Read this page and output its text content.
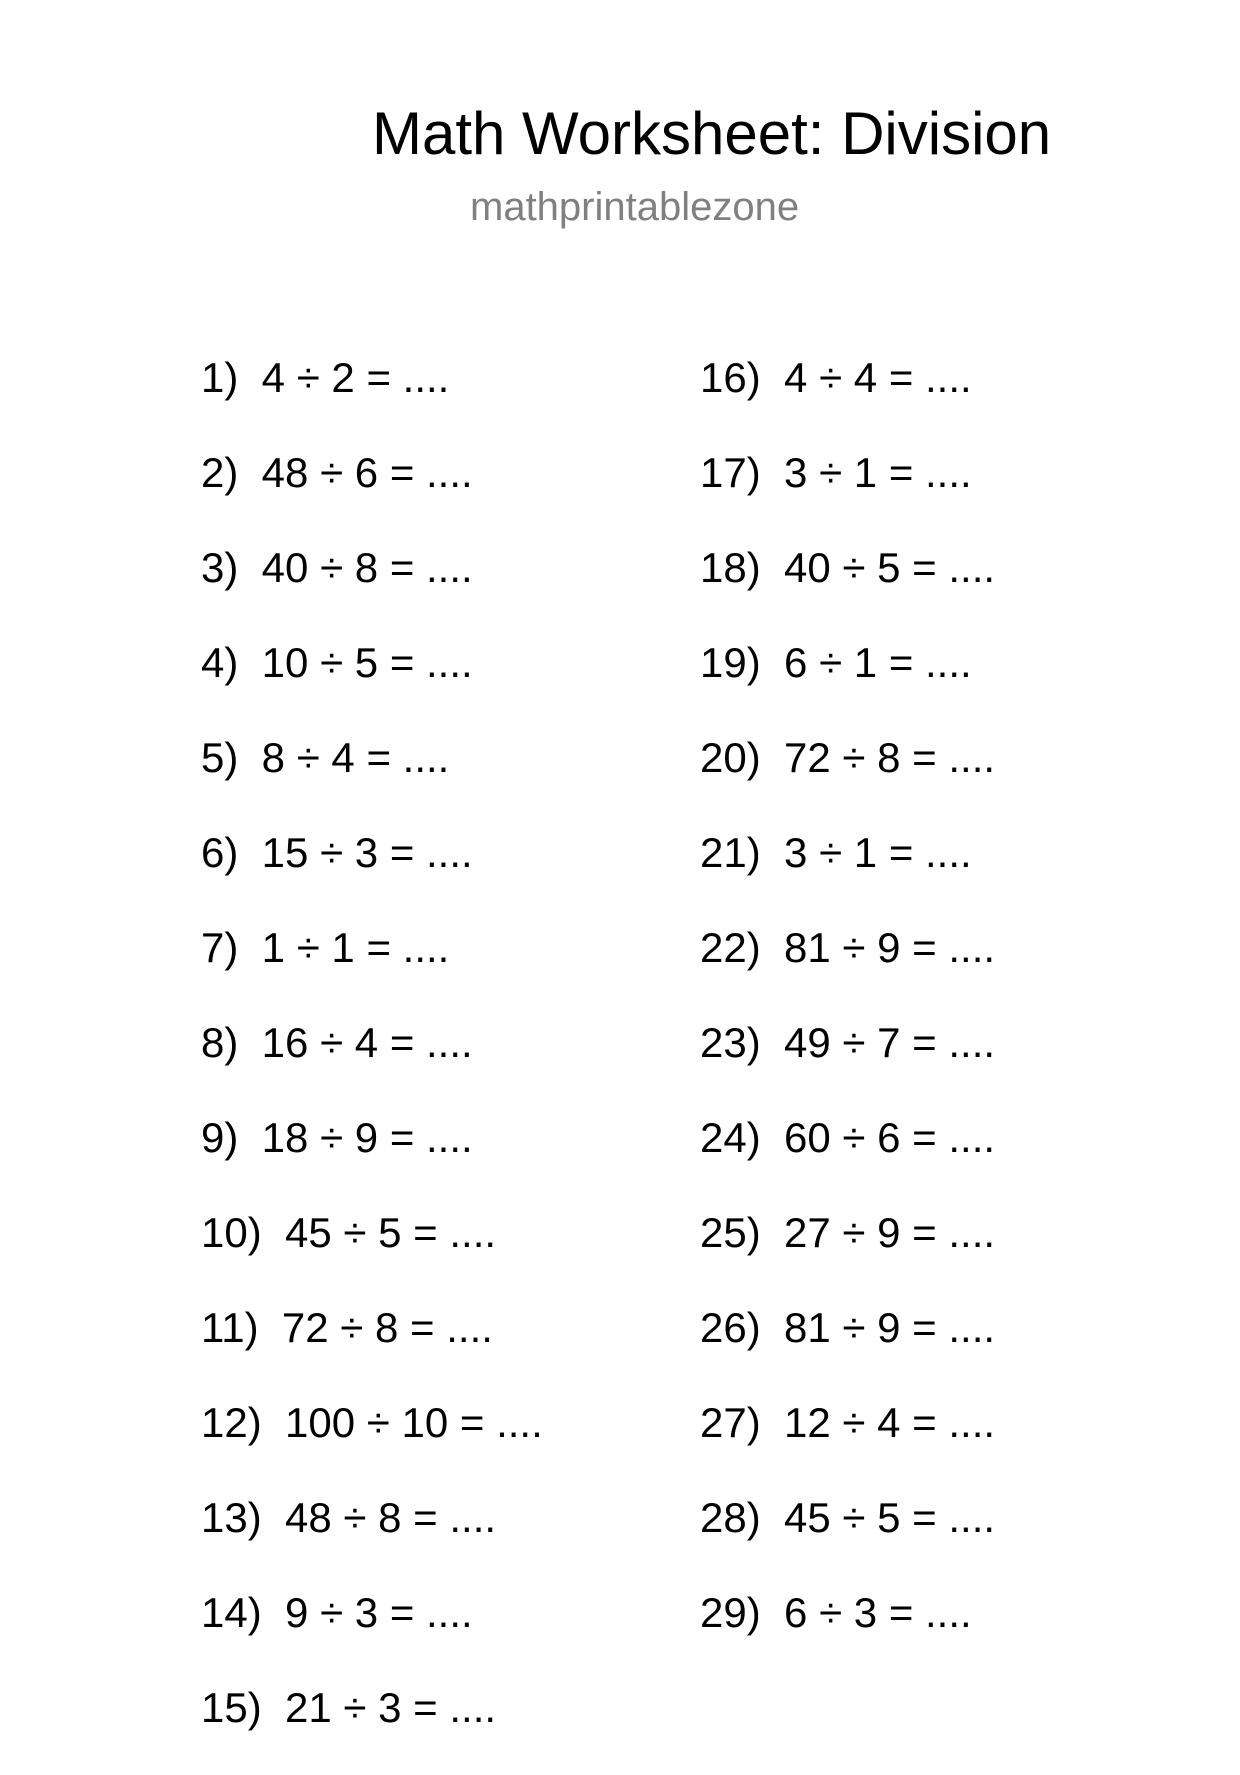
Math Worksheet: Division
mathprintablezone
1)  4 ÷ 2 = ....
2)  48 ÷ 6 = ....
3)  40 ÷ 8 = ....
4)  10 ÷ 5 = ....
5)  8 ÷ 4 = ....
6)  15 ÷ 3 = ....
7)  1 ÷ 1 = ....
8)  16 ÷ 4 = ....
9)  18 ÷ 9 = ....
10)  45 ÷ 5 = ....
11)  72 ÷ 8 = ....
12)  100 ÷ 10 = ....
13)  48 ÷ 8 = ....
14)  9 ÷ 3 = ....
15)  21 ÷ 3 = ....
16)  4 ÷ 4 = ....
17)  3 ÷ 1 = ....
18)  40 ÷ 5 = ....
19)  6 ÷ 1 = ....
20)  72 ÷ 8 = ....
21)  3 ÷ 1 = ....
22)  81 ÷ 9 = ....
23)  49 ÷ 7 = ....
24)  60 ÷ 6 = ....
25)  27 ÷ 9 = ....
26)  81 ÷ 9 = ....
27)  12 ÷ 4 = ....
28)  45 ÷ 5 = ....
29)  6 ÷ 3 = ....
